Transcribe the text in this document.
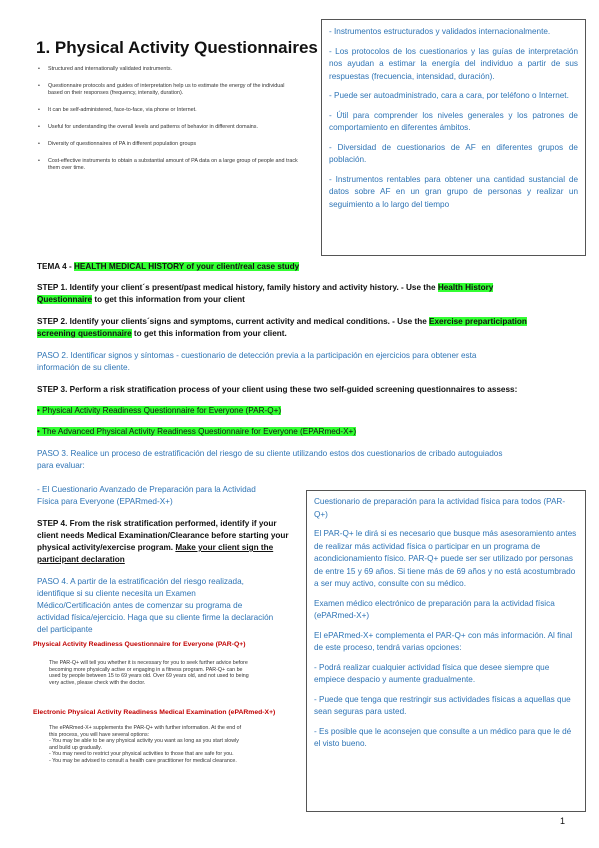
1. Physical Activity Questionnaires
•	Structured and internationally validated instruments.
•	Questionnaire protocols and guides of interpretation help us to estimate the energy of the individual based on their responses (frequency, intensity, duration).
•	It can be self-administered, face-to-face, via phone or Internet.
•	Useful for understanding the overall levels and patterns of behavior in different domains.
•	Diversity of questionnaires of PA in different population groups
•	Cost-effective instruments to obtain a substantial amount of PA data on a large group of people and track them over time.

- Instrumentos estructurados y validados internacionalmente.

- Los protocolos de los cuestionarios y las guías de interpretación nos ayudan a estimar la energía del individuo a partir de sus respuestas (frecuencia, intensidad, duración).

- Puede ser autoadministrado, cara a cara, por teléfono o Internet.

- Útil para comprender los niveles generales y los patrones de comportamiento en diferentes ámbitos.

- Diversidad de cuestionarios de AF en diferentes grupos de población.

- Instrumentos rentables para obtener una cantidad sustancial de datos sobre AF en un gran grupo de personas y realizar un seguimiento a lo largo del tiempo

TEMA 4 - HEALTH MEDICAL HISTORY of your client/real case study
STEP 1. Identify your client´s present/past medical history, family history and activity history. - Use the Health History
Questionnaire to get this information from your client
STEP 2. Identify your clients´signs and symptoms, current activity and medical conditions. - Use the Exercise preparticipation
screening questionnaire to get this information from your client.
PASO 2. Identificar signos y síntomas - cuestionario de detección previa a la participación en ejercicios para obtener esta
información de su cliente.
STEP 3. Perform a risk stratification process of your client using these two self-guided screening questionnaires to assess:
• Physical Activity Readiness Questionnaire for Everyone (PAR-Q+)
• The Advanced Physical Activity Readiness Questionnaire for Everyone (EPARmed-X+)
PASO 3. Realice un proceso de estratificación del riesgo de su cliente utilizando estos dos cuestionarios de cribado autoguiados
para evaluar:
- El Cuestionario Avanzado de Preparación para la Actividad
Física para Everyone (EPARmed-X+)
STEP 4. From the risk stratification performed, identify if your
client needs Medical Examination/Clearance before starting your
physical activity/exercise program. Make your client sign the
participant declaration
PASO 4. A partir de la estratificación del riesgo realizada,
identifique si su cliente necesita un Examen
Médico/Certificación antes de comenzar su programa de
actividad física/ejercicio. Haga que su cliente firme la declaración
del participante
Physical Activity Readiness Questionnaire for Everyone (PAR-Q+)
The PAR-Q+ will tell you whether it is necessary for you to seek further advice before
becoming more physically active or engaging in a fitness program. PAR-Q+ can be
used by people between 15 to 69 years old. Over 69 years old, and not used to being
very active, please check with the doctor.
Electronic Physical Activity Readiness Medical Examination (ePARmed-X+)
The ePARmed-X+ supplements the PAR-Q+ with further information. At the end of
this process, you will have several options:
- You may be able to be any physical activity you want as long as you start slowly
and build up gradually.
- You may need to restrict your physical activities to those that are safe for you.
- You may be advised to consult a health care practitioner for medical clearance.

Cuestionario de preparación para la actividad física para todos (PAR-Q+)

El PAR-Q+ le dirá si es necesario que busque más asesoramiento antes de realizar más actividad física o participar en un programa de acondicionamiento físico. PAR-Q+ puede ser ser utilizado por personas de entre 15 y 69 años. Si tiene más de 69 años y no está acostumbrado a ser muy activo, consulte con su médico.

Examen médico electrónico de preparación para la actividad física (ePARmed-X+)

El ePARmed-X+ complementa el PAR-Q+ con más información. Al final de este proceso, tendrá varias opciones:

- Podrá realizar cualquier actividad física que desee siempre que empiece despacio y aumente gradualmente.

- Puede que tenga que restringir sus actividades físicas a aquellas que sean seguras para usted.

- Es posible que le aconsejen que consulte a un médico para que le dé el visto bueno.

1
